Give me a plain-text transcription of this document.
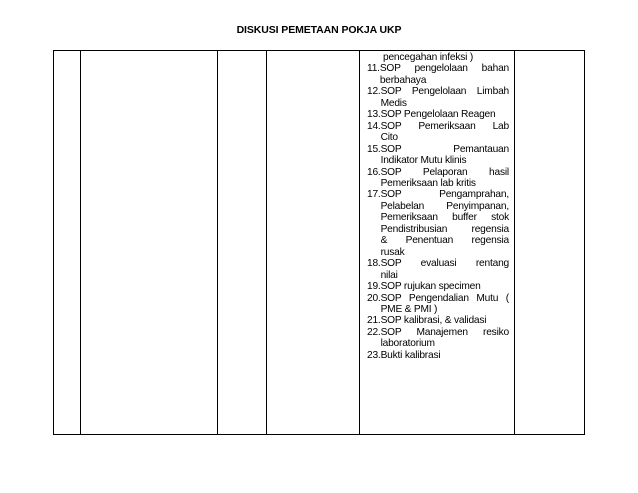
DISKUSI PEMETAAN POKJA UKP

pencegahan infeksi )
11. SOP pengelolaan bahan
berbahaya
12. SOP Pengelolaan Limbah
Medis
13. SOP Pengelolaan Reagen
14. SOP Pemeriksaan Lab
Cito
15. SOP Pemantauan
Indikator Mutu klinis
16. SOP Pelaporan hasil
Pemeriksaan lab kritis
17. SOP Pengamprahan,
Pelabelan Penyimpanan,
Pemeriksaan buffer stok
Pendistribusian regensia
& Penentuan regensia
rusak
18. SOP evaluasi rentang
nilai
19. SOP rujukan specimen
20. SOP Pengendalian Mutu (
PME & PMI )
21. SOP kalibrasi, & validasi
22. SOP Manajemen resiko
laboratorium
23. Bukti kalibrasi
